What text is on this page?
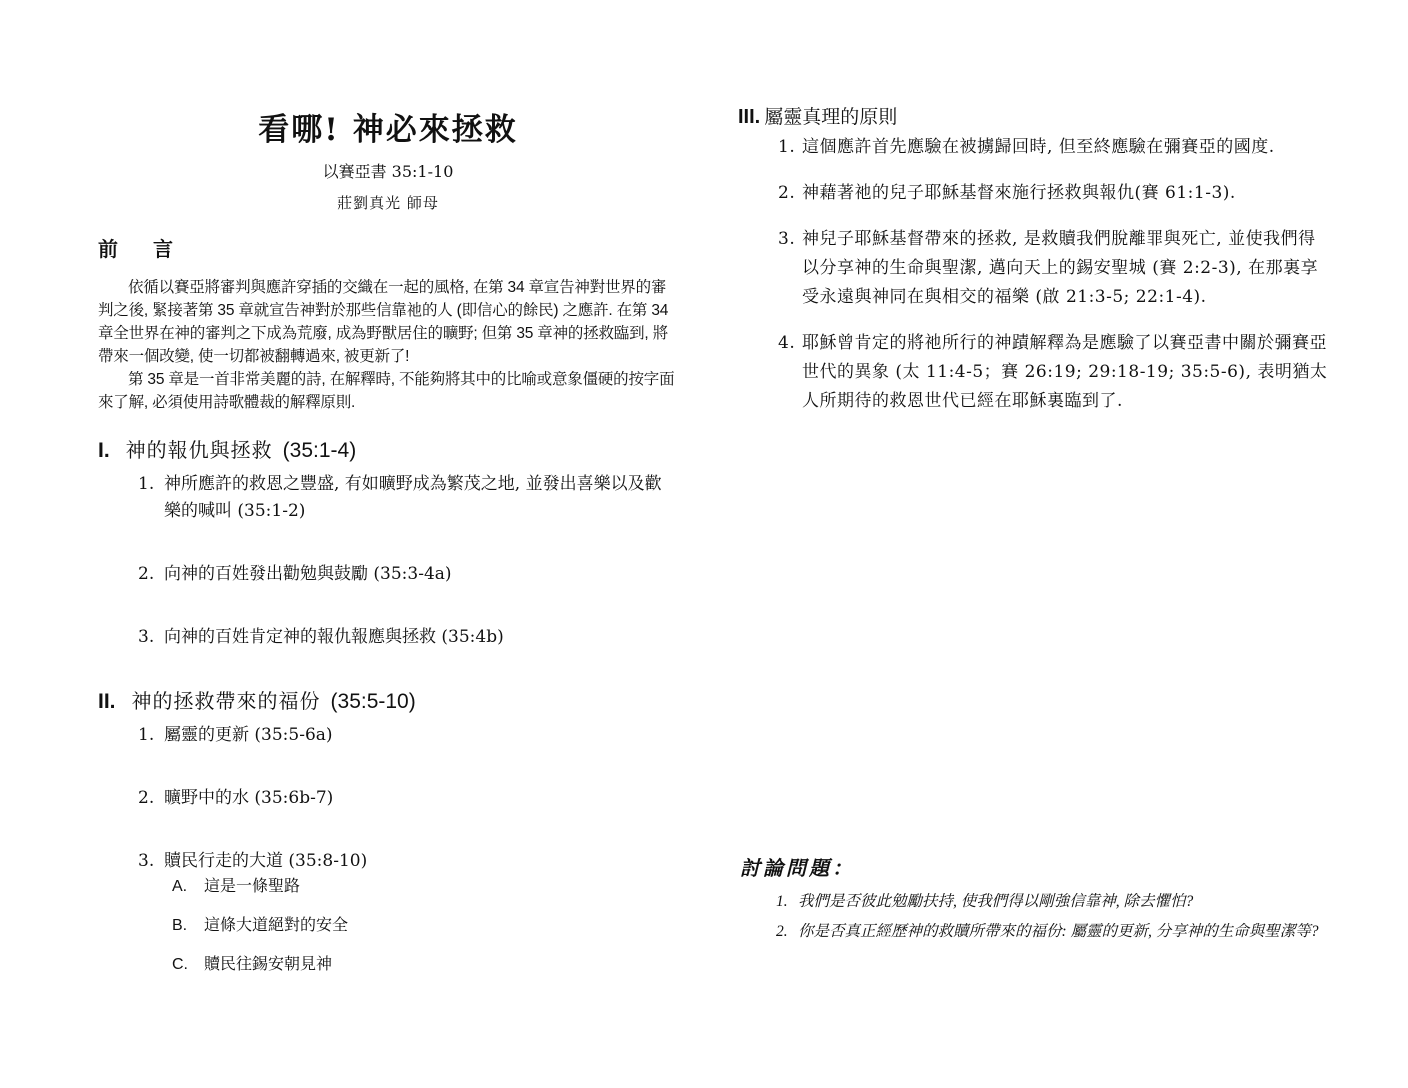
看哪! 神必來拯救
以賽亞書 35:1-10
莊劉真光 師母
前 言
依循以賽亞將審判與應許穿插的交織在一起的風格, 在第 34 章宣告神對世界的審判之後, 緊接著第 35 章就宣告神對於那些信靠祂的人 (即信心的餘民) 之應許. 在第 34 章全世界在神的審判之下成為荒廢, 成為野獸居住的曠野; 但第 35 章神的拯救臨到, 將帶來一個改變, 使一切都被翻轉過來, 被更新了!
第 35 章是一首非常美麗的詩, 在解釋時, 不能夠將其中的比喻或意象僵硬的按字面來了解, 必須使用詩歌體裁的解釋原則.
I. 神的報仇與拯救 (35:1-4)
1. 神所應許的救恩之豐盛, 有如曠野成為繁茂之地, 並發出喜樂以及歡樂的喊叫 (35:1-2)
2. 向神的百姓發出勸勉與鼓勵 (35:3-4a)
3. 向神的百姓肯定神的報仇報應與拯救 (35:4b)
II. 神的拯救帶來的福份 (35:5-10)
1. 屬靈的更新 (35:5-6a)
2. 曠野中的水 (35:6b-7)
3. 贖民行走的大道 (35:8-10)
A.	這是一條聖路
B.	這條大道絕對的安全
C.	贖民往錫安朝見神
III. 屬靈真理的原則
1. 這個應許首先應驗在被擄歸回時, 但至終應驗在彌賽亞的國度.
2. 神藉著祂的兒子耶穌基督來施行拯救與報仇(賽 61:1-3).
3. 神兒子耶穌基督帶來的拯救, 是救贖我們脫離罪與死亡, 並使我們得以分享神的生命與聖潔, 邁向天上的錫安聖城 (賽 2:2-3), 在那裏享受永遠與神同在與相交的福樂 (啟 21:3-5; 22:1-4).
4. 耶穌曾肯定的將祂所行的神蹟解釋為是應驗了以賽亞書中關於彌賽亞世代的異象 (太 11:4-5；賽 26:19; 29:18-19; 35:5-6), 表明猶太人所期待的救恩世代已經在耶穌裏臨到了.
討論問題：
1. 我們是否彼此勉勵扶持, 使我們得以剛強信靠神, 除去懼怕?
2. 你是否真正經歷神的救贖所帶來的福份: 屬靈的更新, 分享神的生命與聖潔等?
